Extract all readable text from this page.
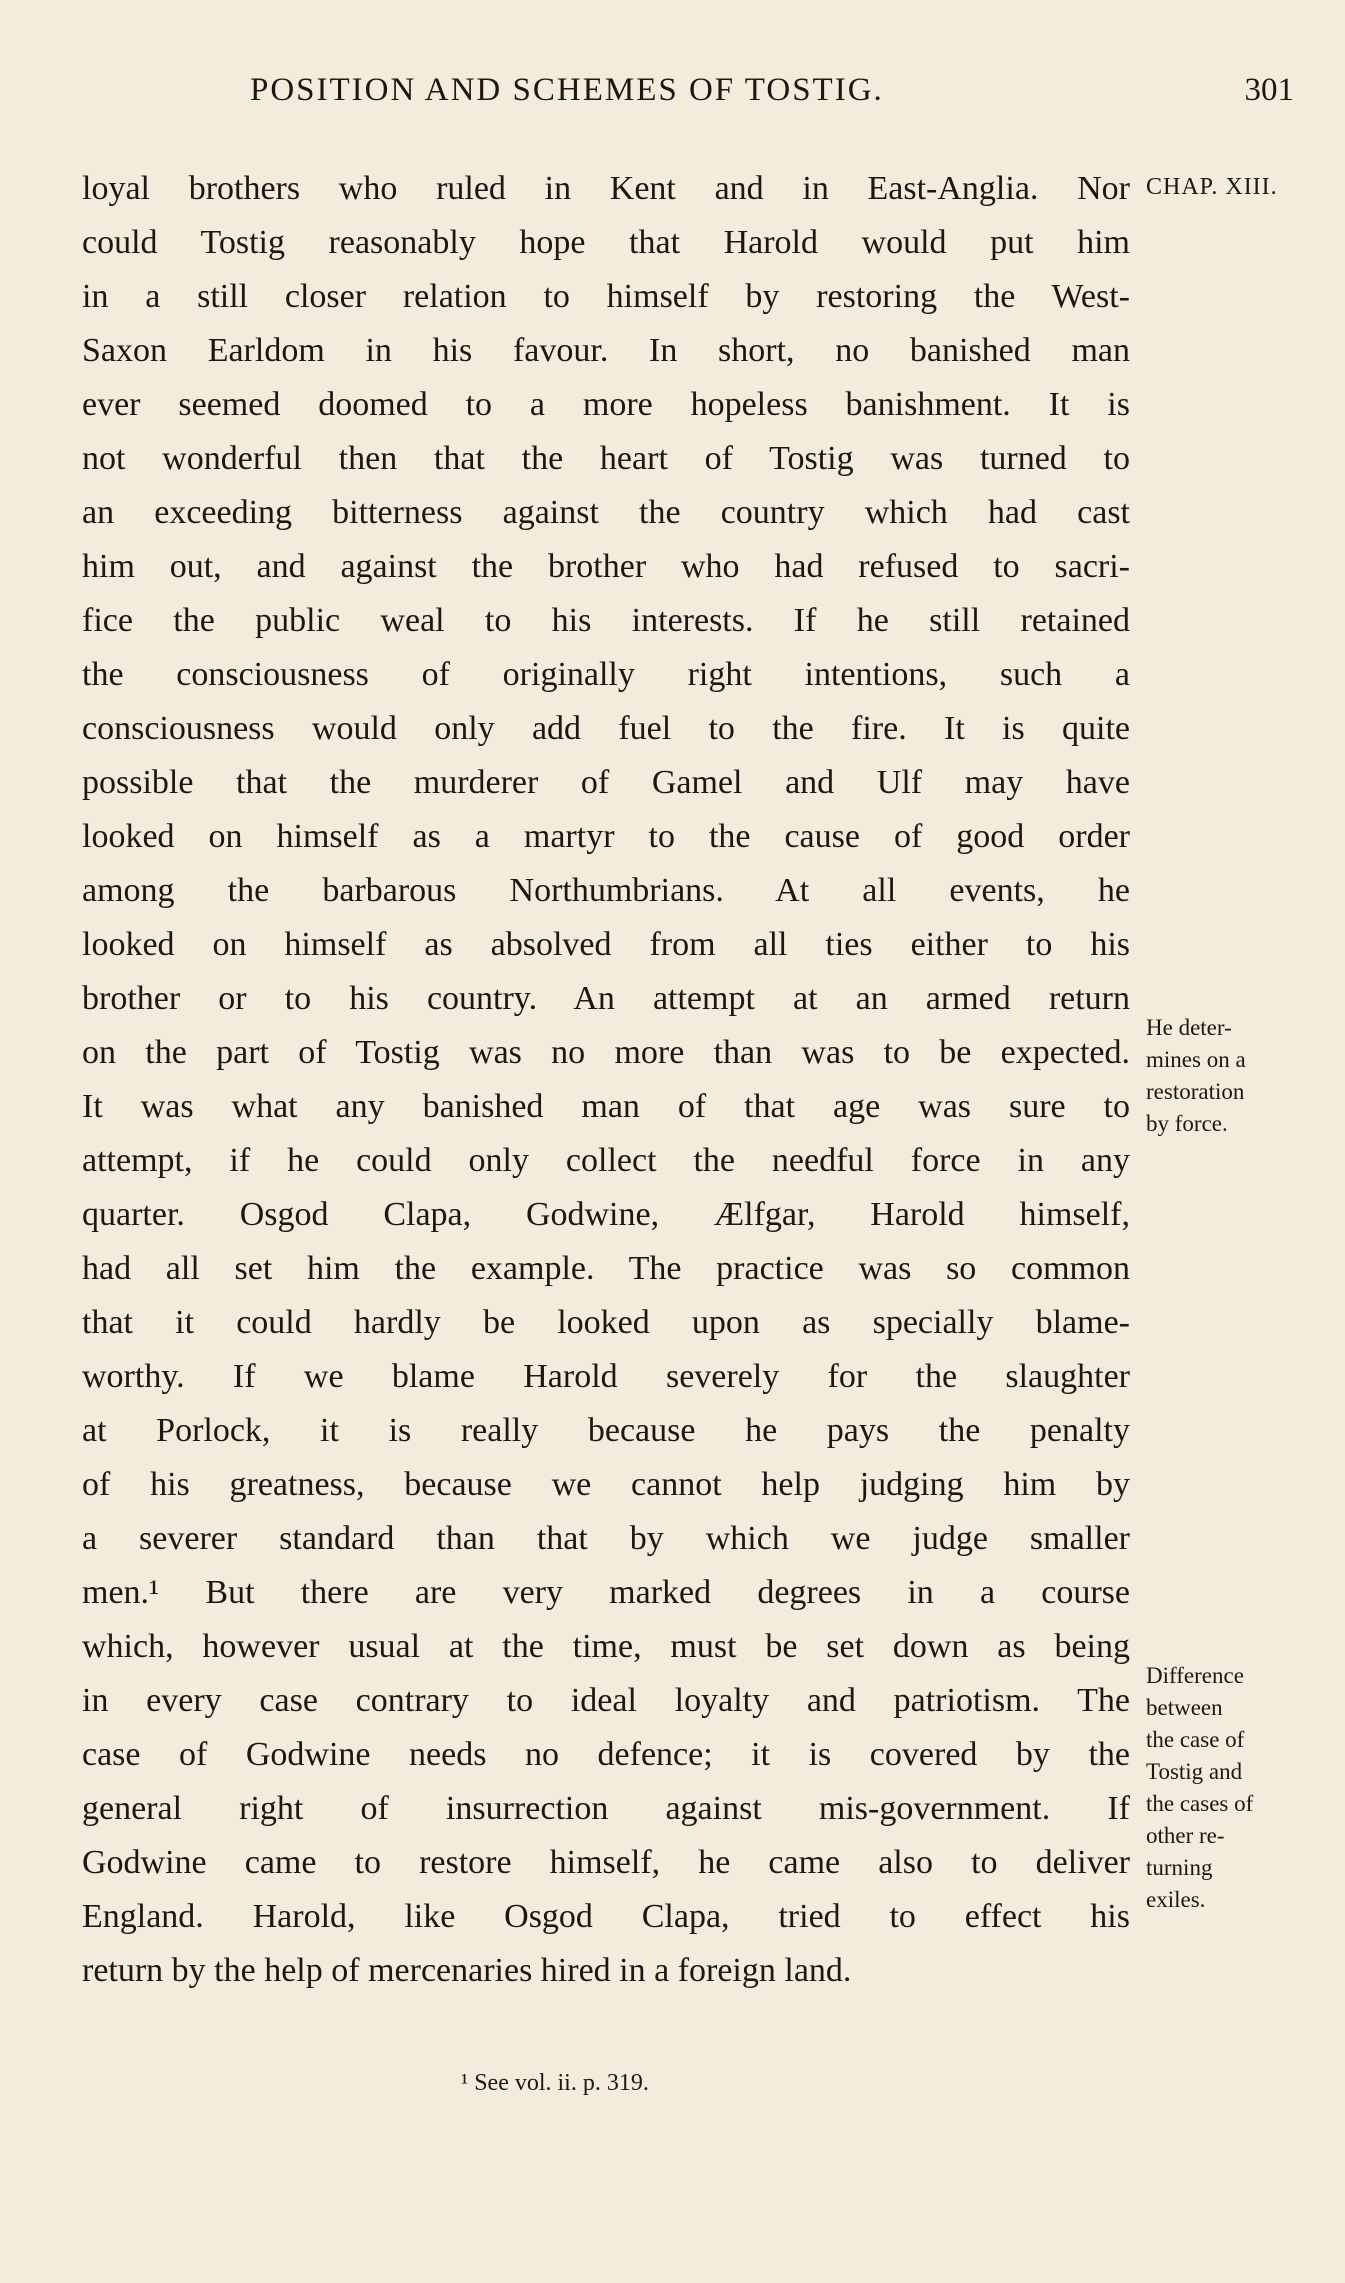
POSITION AND SCHEMES OF TOSTIG.	301
CHAP. XIII.
loyal brothers who ruled in Kent and in East-Anglia. Nor
could Tostig reasonably hope that Harold would put him
in a still closer relation to himself by restoring the West-
Saxon Earldom in his favour. In short, no banished man
ever seemed doomed to a more hopeless banishment. It is
not wonderful then that the heart of Tostig was turned to
an exceeding bitterness against the country which had cast
him out, and against the brother who had refused to sacri-
fice the public weal to his interests. If he still retained
the consciousness of originally right intentions, such a
consciousness would only add fuel to the fire. It is quite
possible that the murderer of Gamel and Ulf may have
looked on himself as a martyr to the cause of good order
among the barbarous Northumbrians. At all events, he
looked on himself as absolved from all ties either to his
brother or to his country. An attempt at an armed return
on the part of Tostig was no more than was to be expected.
It was what any banished man of that age was sure to
attempt, if he could only collect the needful force in any
quarter. Osgod Clapa, Godwine, Ælfgar, Harold himself,
had all set him the example. The practice was so common
that it could hardly be looked upon as specially blame-
worthy. If we blame Harold severely for the slaughter
at Porlock, it is really because he pays the penalty
of his greatness, because we cannot help judging him by
a severer standard than that by which we judge smaller
men.¹ But there are very marked degrees in a course
which, however usual at the time, must be set down as being
in every case contrary to ideal loyalty and patriotism. The
case of Godwine needs no defence; it is covered by the
general right of insurrection against mis-government. If
Godwine came to restore himself, he came also to deliver
England. Harold, like Osgod Clapa, tried to effect his
return by the help of mercenaries hired in a foreign land.
He deter-
mines on a
restoration
by force.
Difference
between
the case of
Tostig and
the cases of
other re-
turning
exiles.
¹ See vol. ii. p. 319.
